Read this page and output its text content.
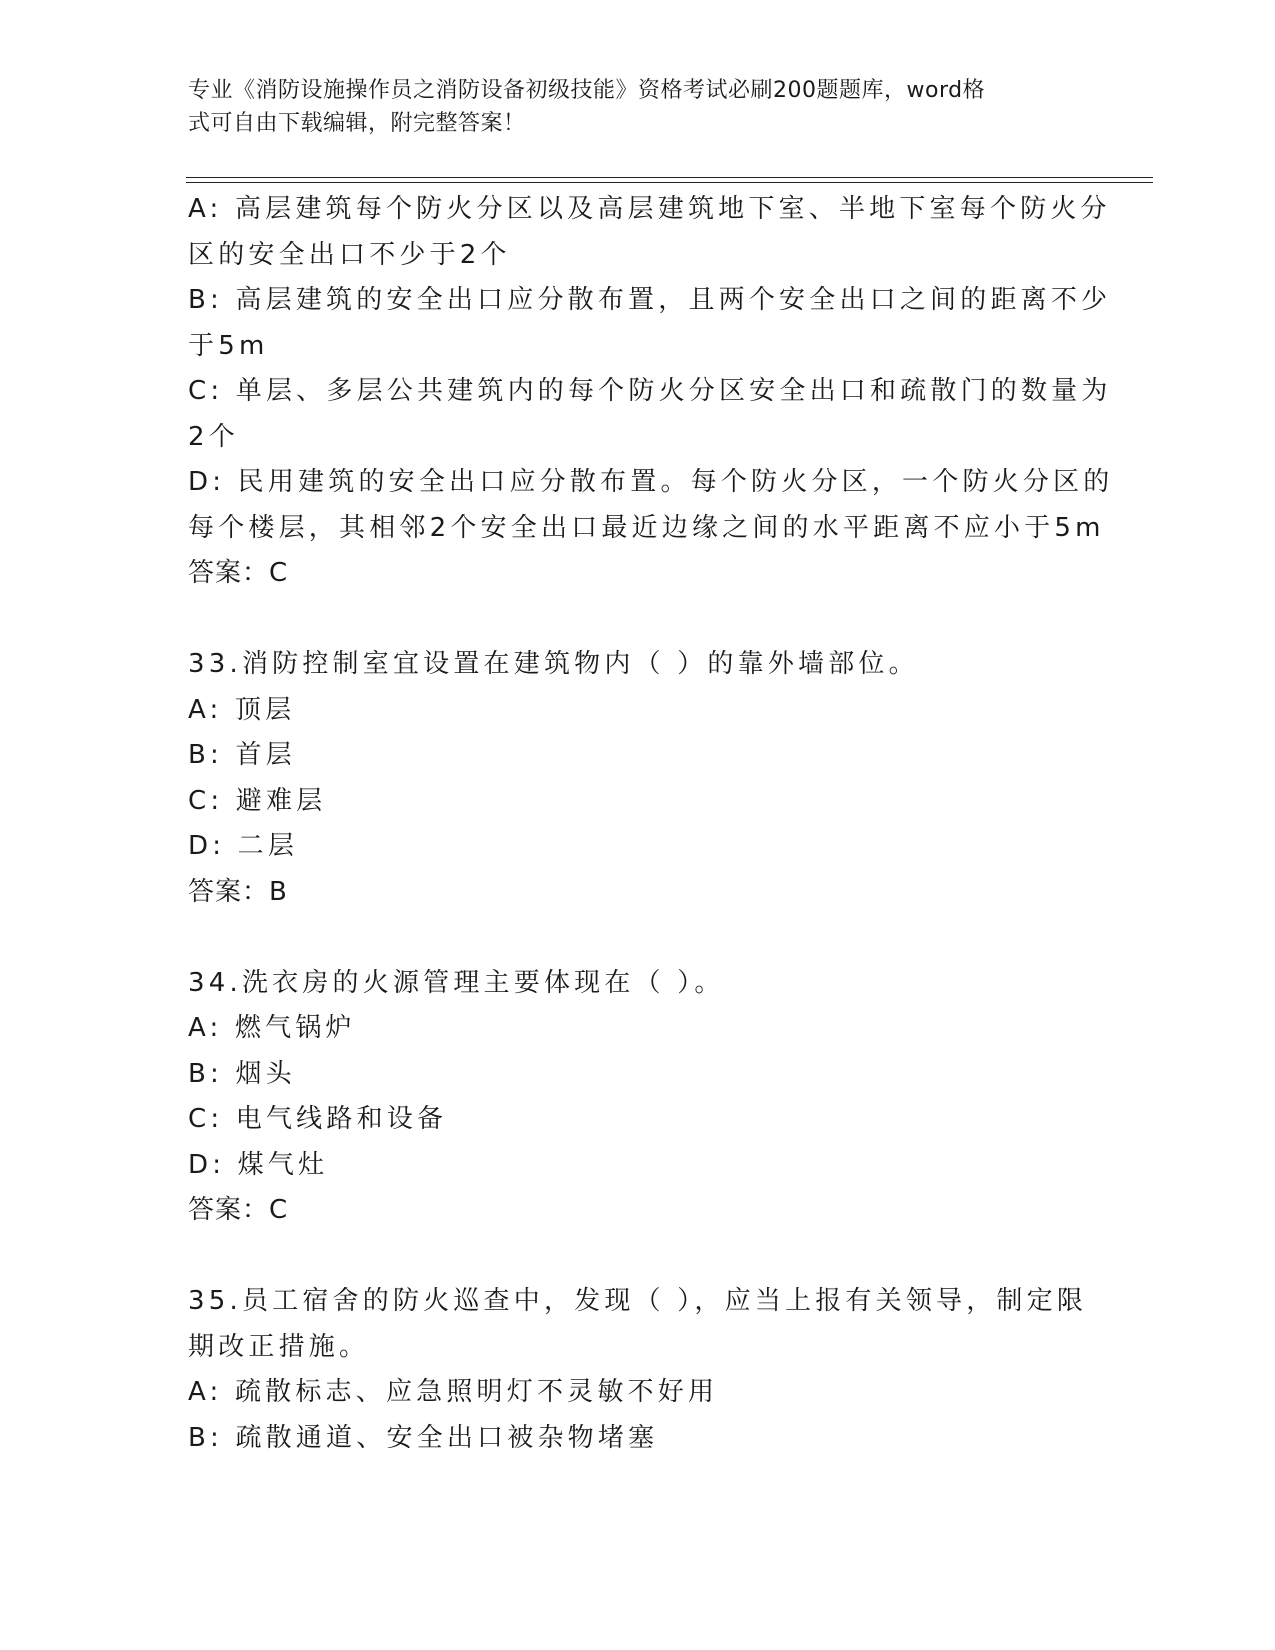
专业《消防设施操作员之消防设备初级技能》资格考试必刷200题题库，word格
式可自由下载编辑，附完整答案！
A: 高层建筑每个防火分区以及高层建筑地下室、半地下室每个防火分
区的安全出口不少于2个
B: 高层建筑的安全出口应分散布置，且两个安全出口之间的距离不少
于5m
C: 单层、多层公共建筑内的每个防火分区安全出口和疏散门的数量为
2个
D: 民用建筑的安全出口应分散布置。每个防火分区，一个防火分区的
每个楼层，其相邻2个安全出口最近边缘之间的水平距离不应小于5m
答案：C
33.消防控制室宜设置在建筑物内（ ）的靠外墙部位。
A: 顶层
B: 首层
C: 避难层
D: 二层
答案：B
34.洗衣房的火源管理主要体现在（ ）。
A: 燃气锅炉
B: 烟头
C: 电气线路和设备
D: 煤气灶
答案：C
35.员工宿舍的防火巡查中，发现（ ），应当上报有关领导，制定限
期改正措施。
A: 疏散标志、应急照明灯不灵敏不好用
B: 疏散通道、安全出口被杂物堵塞
